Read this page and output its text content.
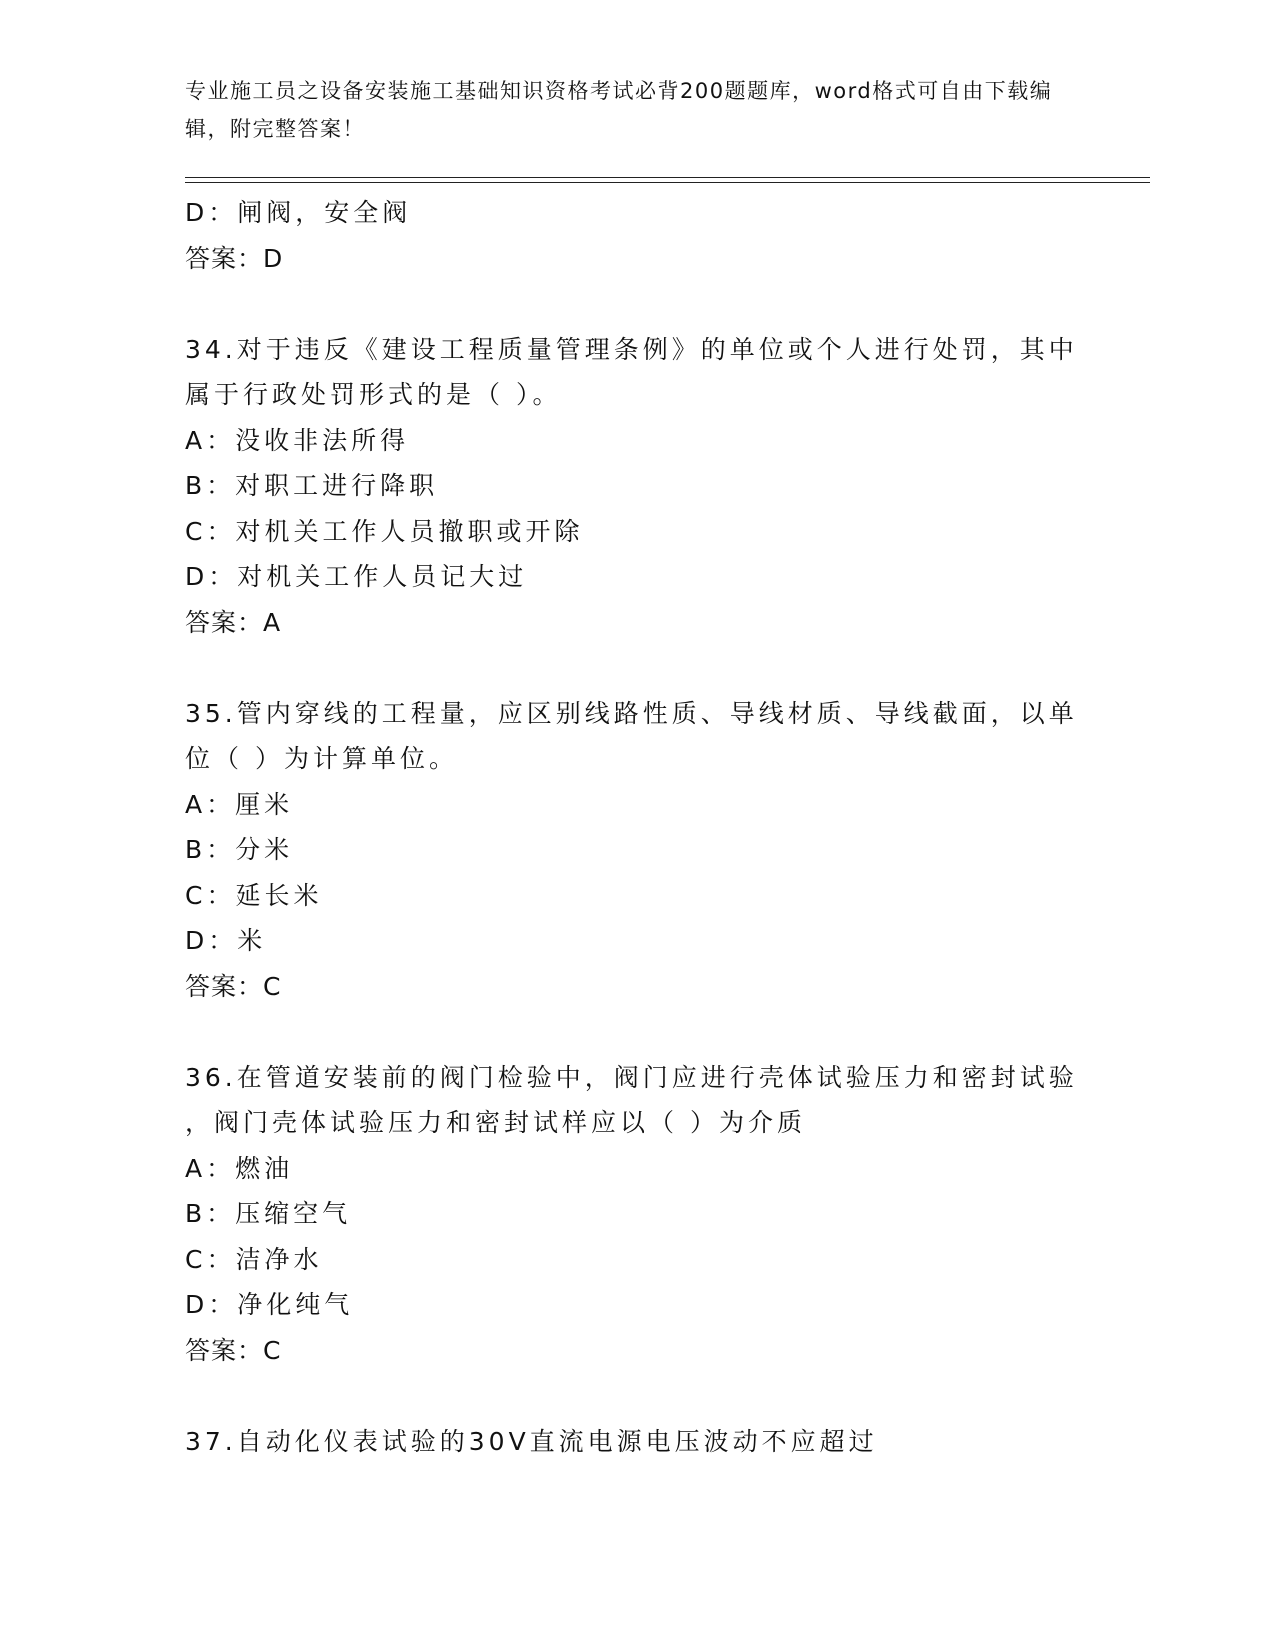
专业施工员之设备安装施工基础知识资格考试必背200题题库，word格式可自由下载编辑，附完整答案！
D：闸阀，安全阀
答案：D
34.对于违反《建设工程质量管理条例》的单位或个人进行处罚，其中
属于行政处罚形式的是（ ）。
A：没收非法所得
B：对职工进行降职
C：对机关工作人员撤职或开除
D：对机关工作人员记大过
答案：A
35.管内穿线的工程量，应区别线路性质、导线材质、导线截面，以单
位（ ）为计算单位。
A：厘米
B：分米
C：延长米
D：米
答案：C
36.在管道安装前的阀门检验中，阀门应进行壳体试验压力和密封试验
，阀门壳体试验压力和密封试样应以（ ）为介质
A：燃油
B：压缩空气
C：洁净水
D：净化纯气
答案：C
37.自动化仪表试验的30V直流电源电压波动不应超过
